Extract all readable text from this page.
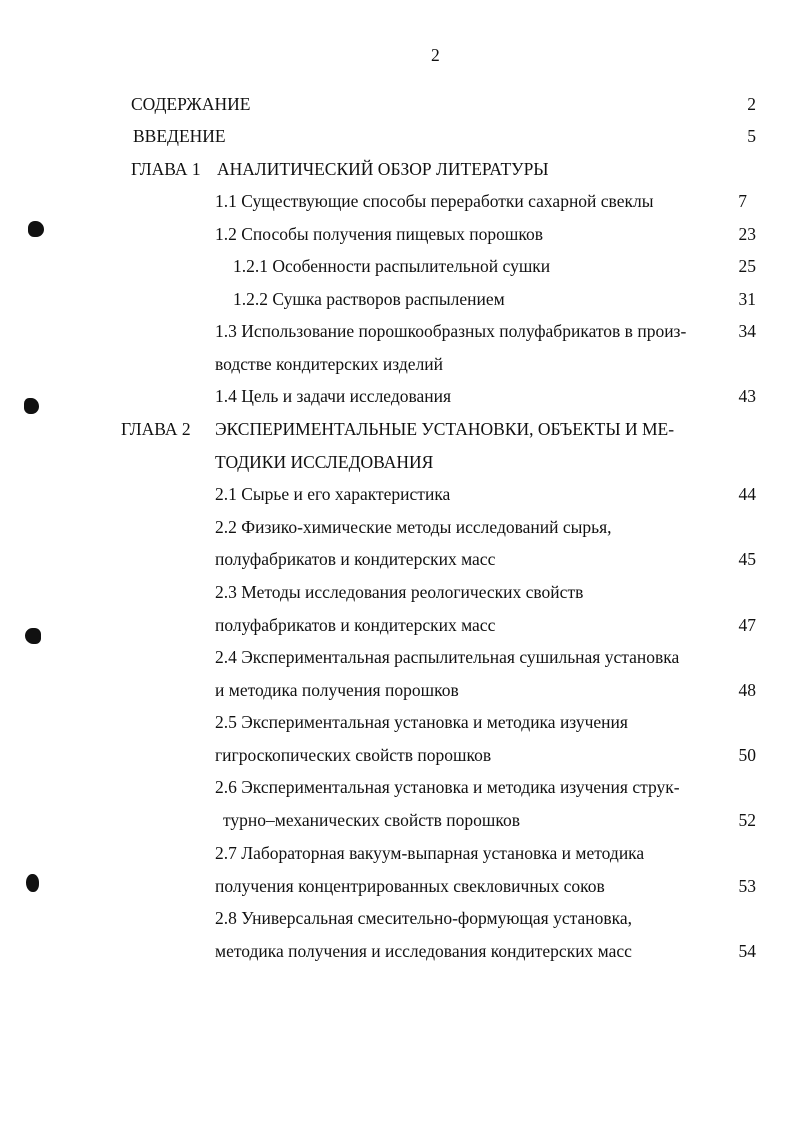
2
СОДЕРЖАНИЕ	2
ВВЕДЕНИЕ	5
ГЛАВА 1 АНАЛИТИЧЕСКИЙ ОБЗОР ЛИТЕРАТУРЫ
1.1 Существующие способы переработки сахарной свеклы	7
1.2 Способы получения пищевых порошков	23
1.2.1 Особенности распылительной сушки	25
1.2.2 Сушка растворов распылением	31
1.3 Использование порошкообразных полуфабрикатов в произ-	34
водстве кондитерских изделий
1.4 Цель и задачи исследования	43
ГЛАВА 2 ЭКСПЕРИМЕНТАЛЬНЫЕ УСТАНОВКИ, ОБЪЕКТЫ И МЕ-
ТОДИКИ ИССЛЕДОВАНИЯ
2.1 Сырье и его характеристика	44
2.2 Физико-химические методы исследований сырья,
полуфабрикатов и кондитерских масс	45
2.3 Методы исследования реологических свойств
полуфабрикатов и кондитерских масс	47
2.4 Экспериментальная распылительная сушильная установка
и методика получения порошков	48
2.5 Экспериментальная установка и методика изучения
гигроскопических свойств порошков	50
2.6 Экспериментальная установка и методика изучения струк-
турно–механических свойств порошков	52
2.7 Лабораторная вакуум-выпарная установка и методика
получения концентрированных свекловичных соков	53
2.8 Универсальная смесительно-формующая установка,
методика получения и исследования кондитерских масс	54
